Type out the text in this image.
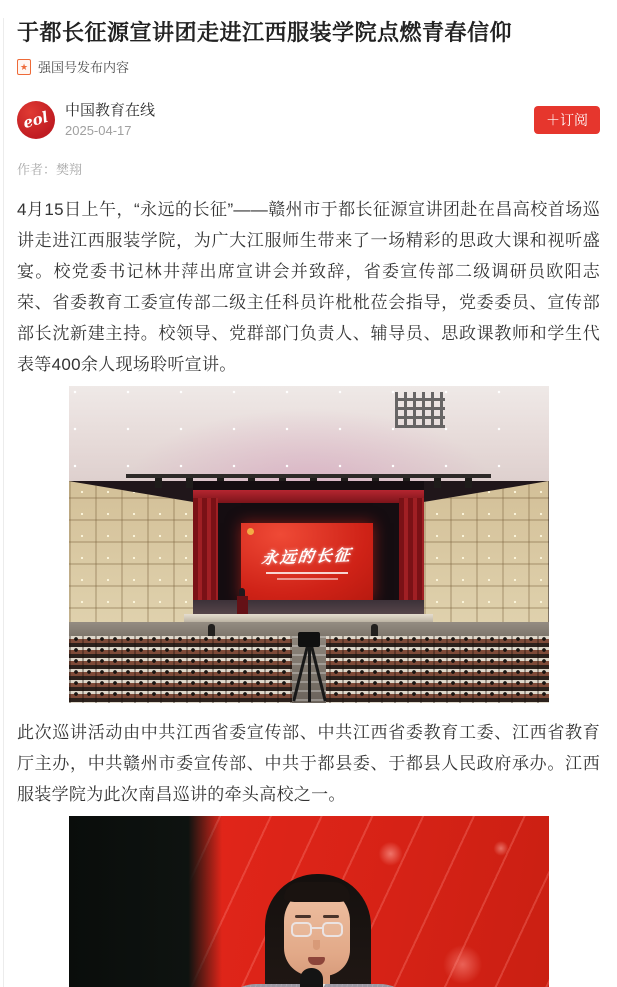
于都长征源宣讲团走进江西服装学院点燃青春信仰
★ 强国号发布内容
eol 中国教育在线
2025-04-17
＋订阅
作者：樊翔

4月15日上午，“永远的长征”——赣州市于都长征源宣讲团赴在昌高校首场巡讲走进江西服装学院，为广大江服师生带来了一场精彩的思政大课和视听盛宴。校党委书记林井萍出席宣讲会并致辞，省委宣传部二级调研员欧阳志荣、省委教育工委宣传部二级主任科员许枇枇莅会指导，党委委员、宣传部部长沈新建主持。校领导、党群部门负责人、辅导员、思政课教师和学生代表等400余人现场聆听宣讲。

永远的长征

此次巡讲活动由中共江西省委宣传部、中共江西省委教育工委、江西省教育厅主办，中共赣州市委宣传部、中共于都县委、于都县人民政府承办。江西服装学院为此次南昌巡讲的牵头高校之一。
